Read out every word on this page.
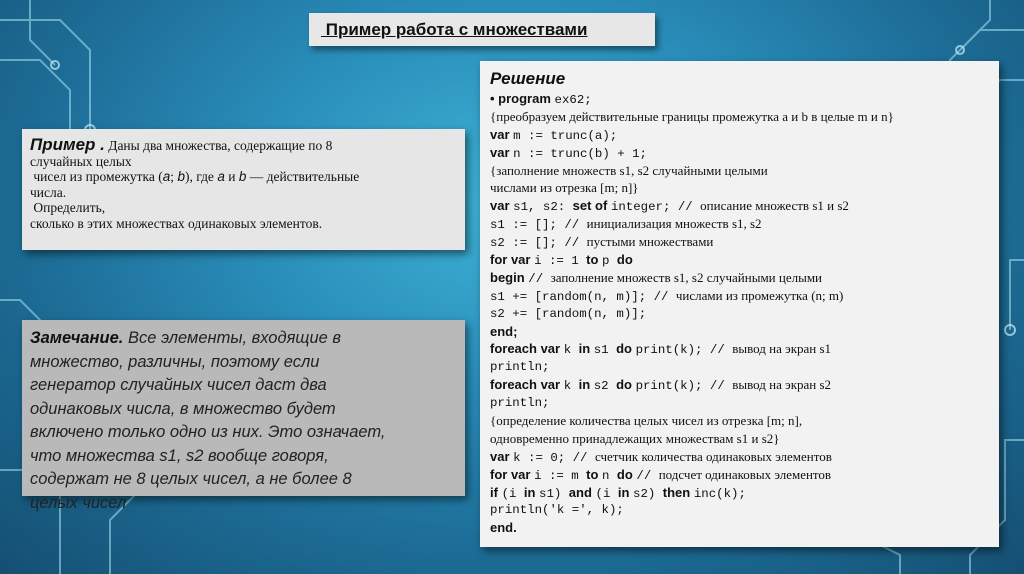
Пример работа с множествами
Пример . Даны два множества, содержащие по 8
случайных целых
чисел из промежутка (a; b), где a и b — действительные
числа.
Определить,
сколько в этих множествах одинаковых элементов.
Замечание. Все элементы, входящие в
множество, различны, поэтому если
генератор случайных чисел даст два
одинаковых числа, в множество будет
включено только одно из них. Это означает,
что множества s1, s2 вообще говоря,
содержат не 8 целых чисел, а не более 8
целых чисел
Решение
• program ex62;
{преобразуем действительные границы промежутка a и b в целые m и n}
var m := trunc(a);
var n := trunc(b) + 1;
{заполнение множеств s1, s2 случайными целыми
числами из отрезка [m; n]}
var s1, s2: set of integer; // описание множеств s1 и s2
s1 := []; // инициализация множеств s1, s2
s2 := []; // пустыми множествами
for var i := 1 to p do
begin // заполнение множеств s1, s2 случайными целыми
s1 += [random(n, m)]; // числами из промежутка (n; m)
s2 += [random(n, m)];
end;
foreach var k in s1 do print(k); // вывод на экран s1
println;
foreach var k in s2 do print(k); // вывод на экран s2
println;
{определение количества целых чисел из отрезка [m; n],
одновременно принадлежащих множествам s1 и s2}
var k := 0; // счетчик количества одинаковых элементов
for var i := m to n do // подсчет одинаковых элементов
if (i in s1) and (i in s2) then inc(k);
println('k =', k);
end.
